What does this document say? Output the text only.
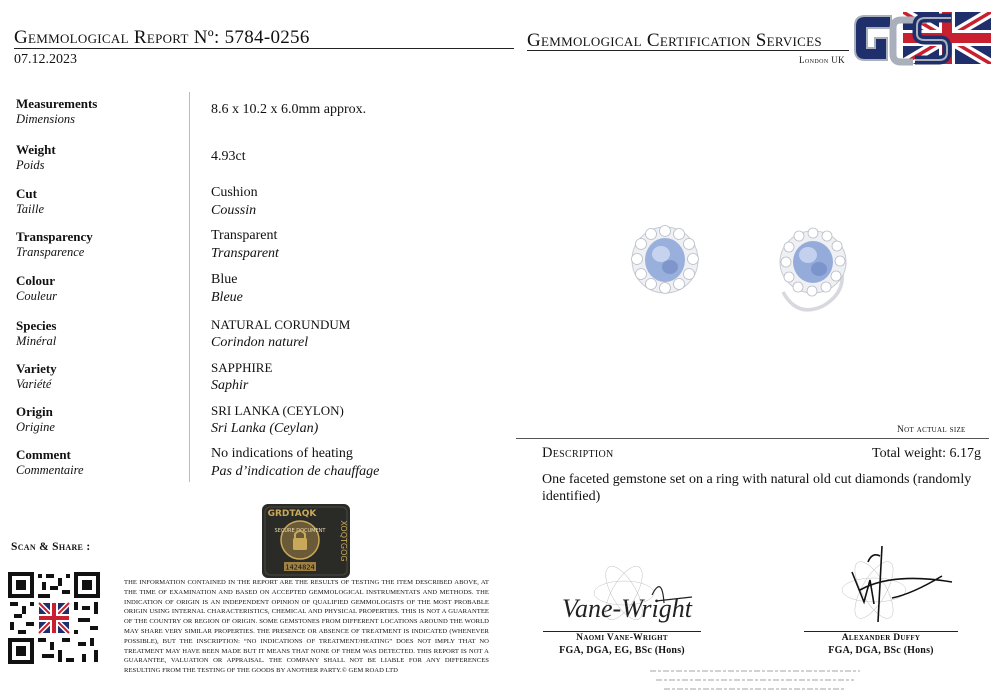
Gemmological Report Nº: 5784-0256
07.12.2023
Gemmological Certification Services
London UK
Measurements
Dimensions
8.6 x 10.2 x 6.0mm approx.
Weight
Poids
4.93ct
Cut
Taille
Cushion
Coussin
Transparency
Transparence
Transparent
Transparent
Colour
Couleur
Blue
Bleue
Species
Minéral
NATURAL CORUNDUM
Corindon naturel
Variety
Variété
SAPPHIRE
Saphir
Origin
Origine
SRI LANKA (CEYLON)
Sri Lanka (Ceylan)
Comment
Commentaire
No indications of heating
Pas d’indication de chauffage
Not actual size
Description	Total weight: 6.17g
One faceted gemstone set on a ring with natural old cut diamonds (randomly identified)
Scan & Share :
GRDTAQK
XOQTGOG
SECURE DOCUMENT
1424824
THE INFORMATION CONTAINED IN THE REPORT ARE THE RESULTS OF TESTING THE ITEM DESCRIBED ABOVE, AT THE TIME OF EXAMINATION AND BASED ON ACCEPTED GEMMOLOGICAL INSTRUMENTATS AND METHODS. THE INDICATION OF ORIGIN IS AN INDEPENDENT OPINION OF QUALIFIED GEMMOLOGISTS OF THE MOST PROBABLE ORIGIN USING INTERNAL CHARACTERISTICS, CHEMICAL AND PHYSICAL PROPERTIES. THIS IS NOT A GUARANTEE OF THE COUNTRY OR REGION OF ORIGIN. SOME GEMSTONES FROM DIFFERENT LOCATIONS AROUND THE WORLD MAY SHARE VERY SIMILAR PROPERTIES. THE PRESENCE OR ABSENCE OF TREATMENT IS INDICATED (WHENEVER POSSIBLE), BUT THE INSCRIPTION: “NO INDICATIONS OF TREATMENT/HEATING” DOES NOT IMPLY THAT NO TREATMENT MAY HAVE BEEN MADE BUT IT MEANS THAT NONE OF THEM WAS DETECTED. THIS REPORT IS NOT A GUARANTEE, VALUATION OR APPRAISAL. THE COMPANY SHALL NOT BE LIABLE FOR ANY DIFFERENCES RESULTING FROM THE TESTING OF THE GOODS BY ANOTHER PARTY.© GEM ROAD LTD
Vane-Wright
Naomi Vane-Wright
FGA, DGA, EG, BSc (Hons)
Alexander Duffy
FGA, DGA, BSc (Hons)
